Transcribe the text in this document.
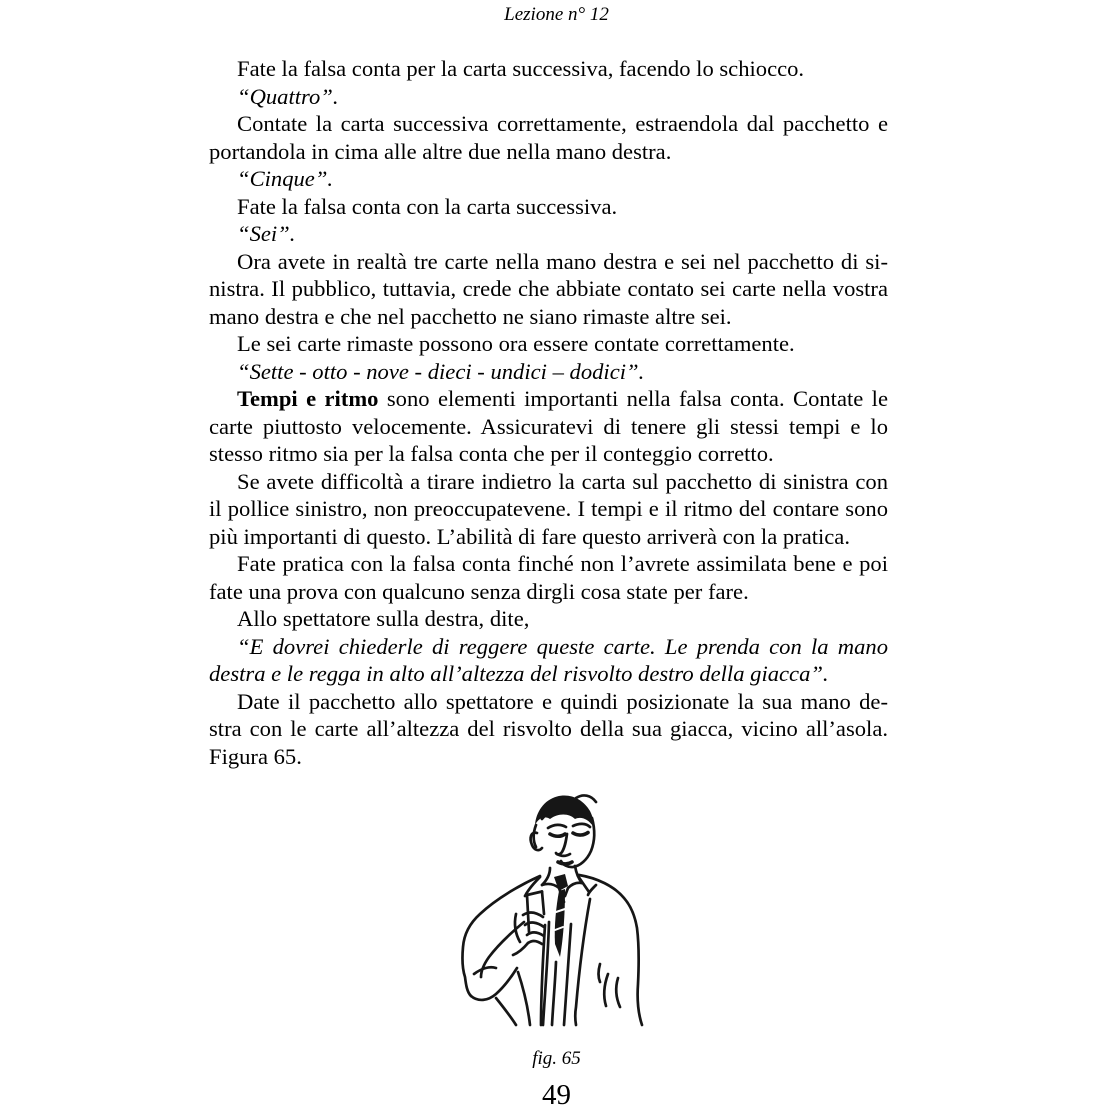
Lezione n° 12
Fate la falsa conta per la carta successiva, facendo lo schiocco.
“Quattro”.
Contate la carta successiva correttamente, estraendola dal pacchetto e
portandola in cima alle altre due nella mano destra.
“Cinque”.
Fate la falsa conta con la carta successiva.
“Sei”.
Ora avete in realtà tre carte nella mano destra e sei nel pacchetto di si-
nistra. Il pubblico, tuttavia, crede che abbiate contato sei carte nella vostra
mano destra e che nel pacchetto ne siano rimaste altre sei.
Le sei carte rimaste possono ora essere contate correttamente.
“Sette - otto - nove - dieci - undici – dodici”.
Tempi e ritmo sono elementi importanti nella falsa conta. Contate le
carte piuttosto velocemente. Assicuratevi di tenere gli stessi tempi e lo
stesso ritmo sia per la falsa conta che per il conteggio corretto.
Se avete difficoltà a tirare indietro la carta sul pacchetto di sinistra con
il pollice sinistro, non preoccupatevene. I tempi e il ritmo del contare sono
più importanti di questo. L’abilità di fare questo arriverà con la pratica.
Fate pratica con la falsa conta finché non l’avrete assimilata bene e poi
fate una prova con qualcuno senza dirgli cosa state per fare.
Allo spettatore sulla destra, dite,
“E dovrei chiederle di reggere queste carte. Le prenda con la mano
destra e le regga in alto all’altezza del risvolto destro della giacca”.
Date il pacchetto allo spettatore e quindi posizionate la sua mano de-
stra con le carte all’altezza del risvolto della sua giacca, vicino all’asola.
Figura 65.
fig. 65
49
